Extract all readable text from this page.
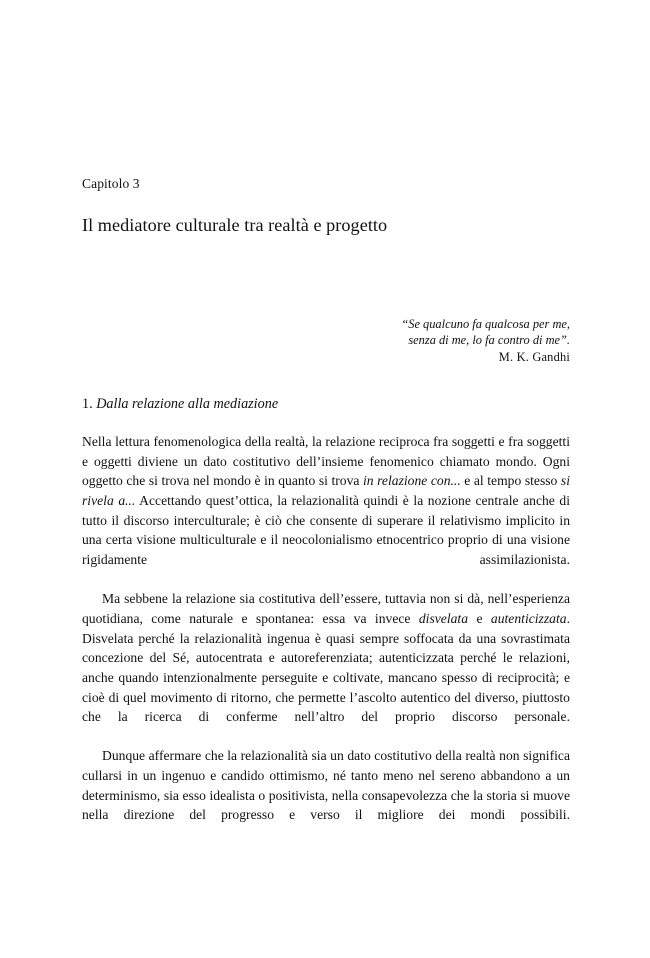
Capitolo 3

Il mediatore culturale tra realtà e progetto
“Se qualcuno fa qualcosa per me,
senza di me, lo fa contro di me”.
M. K. Gandhi
1. Dalla relazione alla mediazione

Nella lettura fenomenologica della realtà, la relazione reciproca fra soggetti e fra soggetti e oggetti diviene un dato costitutivo dell’insieme fenomenico chiamato mondo. Ogni oggetto che si trova nel mondo è in quanto si trova in relazione con... e al tempo stesso si rivela a... Accettando quest’ottica, la relazionalità quindi è la nozione centrale anche di tutto il discorso interculturale; è ciò che consente di superare il relativismo implicito in una certa visione multiculturale e il neocolonialismo etnocentrico proprio di una visione rigidamente assimilazionista.

Ma sebbene la relazione sia costitutiva dell’essere, tuttavia non si dà, nell’esperienza quotidiana, come naturale e spontanea: essa va invece disvelata e autenticizzata. Disvelata perché la relazionalità ingenua è quasi sempre soffocata da una sovrastimata concezione del Sé, autocentrata e autoreferenziata; autenticizzata perché le relazioni, anche quando intenzionalmente perseguite e coltivate, mancano spesso di reciprocità; e cioè di quel movimento di ritorno, che permette l’ascolto autentico del diverso, piuttosto che la ricerca di conferme nell’altro del proprio discorso personale.

Dunque affermare che la relazionalità sia un dato costitutivo della realtà non significa cullarsi in un ingenuo e candido ottimismo, né tanto meno nel sereno abbandono a un determinismo, sia esso idealista o positivista, nella consapevolezza che la storia si muove nella direzione del progresso e verso il migliore dei mondi possibili.
